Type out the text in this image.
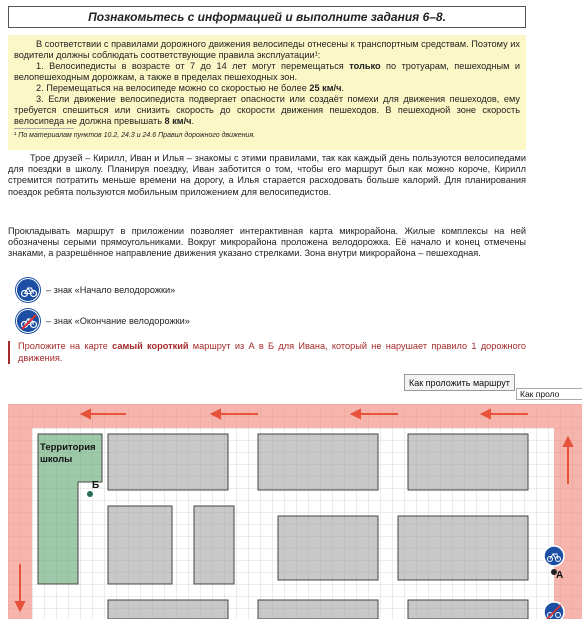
Познакомьтесь с информацией и выполните задания 6–8.

В соответствии с правилами дорожного движения велосипеды отнесены к транспортным средствам. Поэтому их водители должны соблюдать соответствующие правила эксплуатации¹:

1. Велосипедисты в возрасте от 7 до 14 лет могут перемещаться только по тротуарам, пешеходным и велопешеходным дорожкам, а также в пределах пешеходных зон.

2. Перемещаться на велосипеде можно со скоростью не более 25 км/ч.

3. Если движение велосипедиста подвергает опасности или создаёт помехи для движения пешеходов, ему требуется спешиться или снизить скорость до скорости движения пешеходов. В пешеходной зоне скорость велосипеда не должна превышать 8 км/ч.

¹ По материалам пунктов 10.2, 24.3 и 24.6 Правил дорожного движения.

Трое друзей – Кирилл, Иван и Илья – знакомы с этими правилами, так как каждый день пользуются велосипедами для поездки в школу. Планируя поездку, Иван заботится о том, чтобы его маршрут был как можно короче, Кирилл стремится потратить меньше времени на дорогу, а Илья старается расходовать больше калорий. Для планирования поездок ребята пользуются мобильным приложением для велосипедистов.

Прокладывать маршрут в приложении позволяет интерактивная карта микрорайона. Жилые комплексы на ней обозначены серыми прямоугольниками. Вокруг микрорайона проложена велодорожка. Её начало и конец отмечены знаками, а разрешённое направление движения указано стрелками. Зона внутри микрорайона – пешеходная.

– знак «Начало велодорожки»
– знак «Окончание велодорожки»
Проложите на карте самый короткий маршрут из А в Б для Ивана, который не нарушает правило 1 дорожного движения.
Как проложить маршрут
Как проло
Территория школы
Б
А
